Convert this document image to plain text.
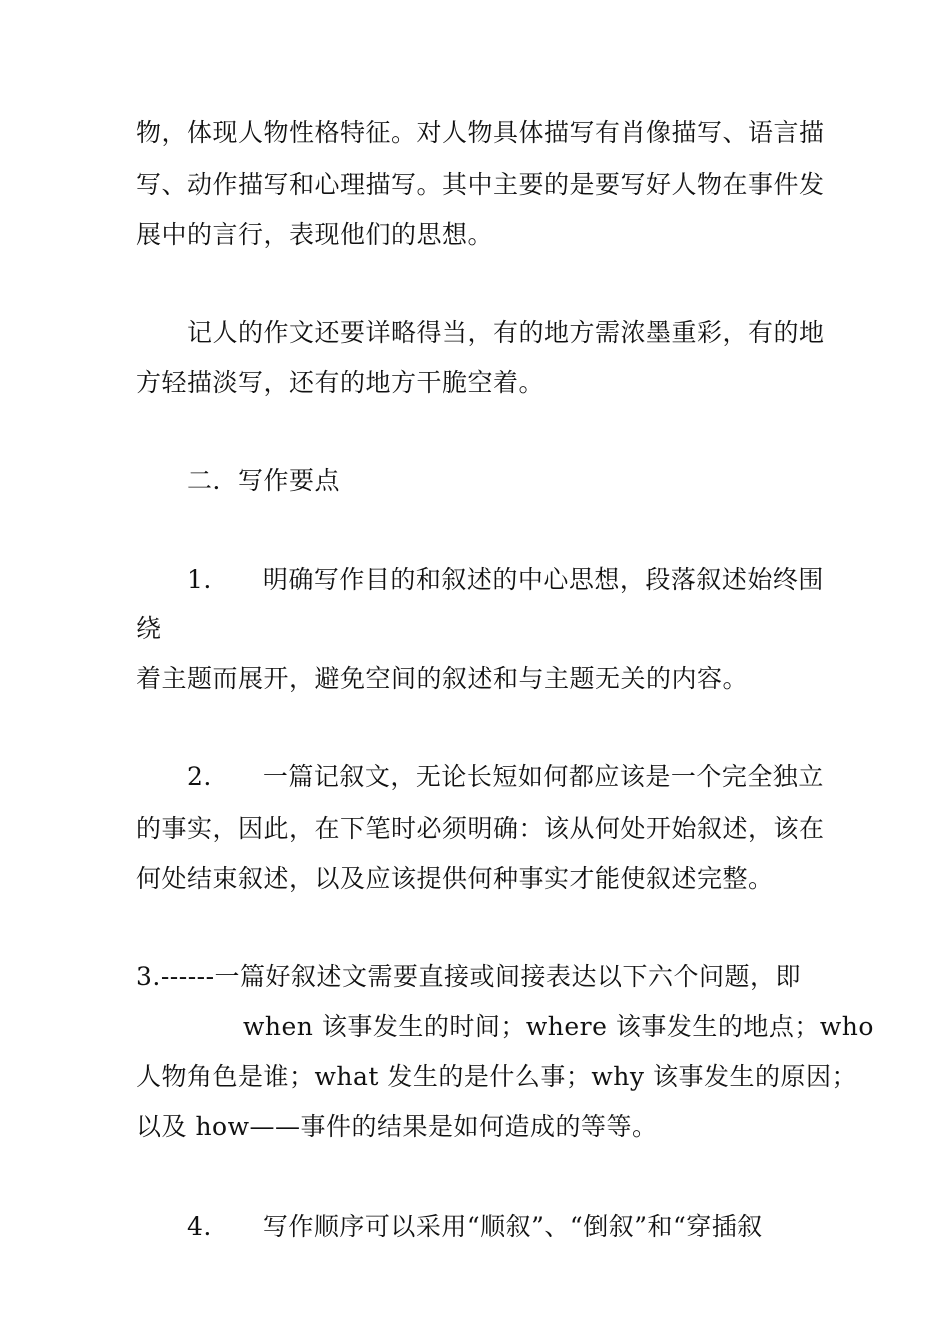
物，体现人物性格特征。对人物具体描写有肖像描写、语言描
写、动作描写和心理描写。其中主要的是要写好人物在事件发
展中的言行，表现他们的思想。
记人的作文还要详略得当，有的地方需浓墨重彩，有的地
方轻描淡写，还有的地方干脆空着。
二．写作要点
1.　　明确写作目的和叙述的中心思想，段落叙述始终围
绕
着主题而展开，避免空间的叙述和与主题无关的内容。
2.　　一篇记叙文，无论长短如何都应该是一个完全独立
的事实，因此，在下笔时必须明确：该从何处开始叙述，该在
何处结束叙述，以及应该提供何种事实才能使叙述完整。
3.------一篇好叙述文需要直接或间接表达以下六个问题，即
when 该事发生的时间；where 该事发生的地点；who
人物角色是谁；what 发生的是什么事；why 该事发生的原因；
以及 how——事件的结果是如何造成的等等。
4.　　写作顺序可以采用“顺叙”、“倒叙”和“穿插叙
